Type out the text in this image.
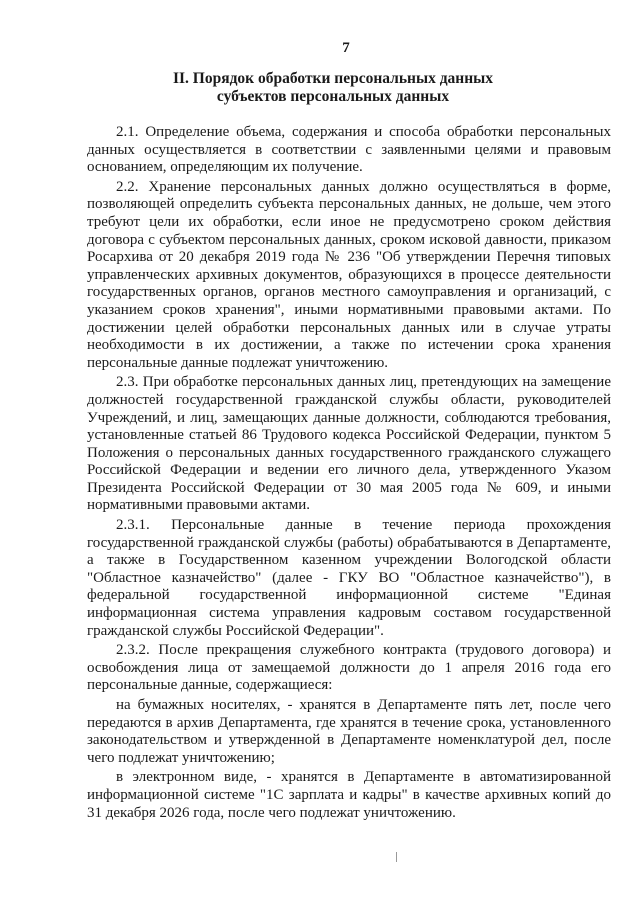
7
II. Порядок обработки персональных данных
субъектов персональных данных

2.1. Определение объема, содержания и способа обработки персональных данных осуществляется в соответствии с заявленными целями и правовым основанием, определяющим их получение.

2.2. Хранение персональных данных должно осуществляться в форме, позволяющей определить субъекта персональных данных, не дольше, чем этого требуют цели их обработки, если иное не предусмотрено сроком действия договора с субъектом персональных данных, сроком исковой давности, приказом Росархива от 20 декабря 2019 года № 236 "Об утверждении Перечня типовых управленческих архивных документов, образующихся в процессе деятельности государственных органов, органов местного самоуправления и организаций, с указанием сроков хранения", иными нормативными правовыми актами. По достижении целей обработки персональных данных или в случае утраты необходимости в их достижении, а также по истечении срока хранения персональные данные подлежат уничтожению.

2.3. При обработке персональных данных лиц, претендующих на замещение должностей государственной гражданской службы области, руководителей Учреждений, и лиц, замещающих данные должности, соблюдаются требования, установленные статьей 86 Трудового кодекса Российской Федерации, пунктом 5 Положения о персональных данных государственного гражданского служащего Российской Федерации и ведении его личного дела, утвержденного Указом Президента Российской Федерации от 30 мая 2005 года № 609, и иными нормативными правовыми актами.

2.3.1. Персональные данные в течение периода прохождения государственной гражданской службы (работы) обрабатываются в Департаменте, а также в Государственном казенном учреждении Вологодской области "Областное казначейство" (далее - ГКУ ВО "Областное казначейство"), в федеральной государственной информационной системе "Единая информационная система управления кадровым составом государственной гражданской службы Российской Федерации".

2.3.2. После прекращения служебного контракта (трудового договора) и освобождения лица от замещаемой должности до 1 апреля 2016 года его персональные данные, содержащиеся:

на бумажных носителях, - хранятся в Департаменте пять лет, после чего передаются в архив Департамента, где хранятся в течение срока, установленного законодательством и утвержденной в Департаменте номенклатурой дел, после чего подлежат уничтожению;

в электронном виде, - хранятся в Департаменте в автоматизированной информационной системе "1С зарплата и кадры" в качестве архивных копий до 31 декабря 2026 года, после чего подлежат уничтожению.
